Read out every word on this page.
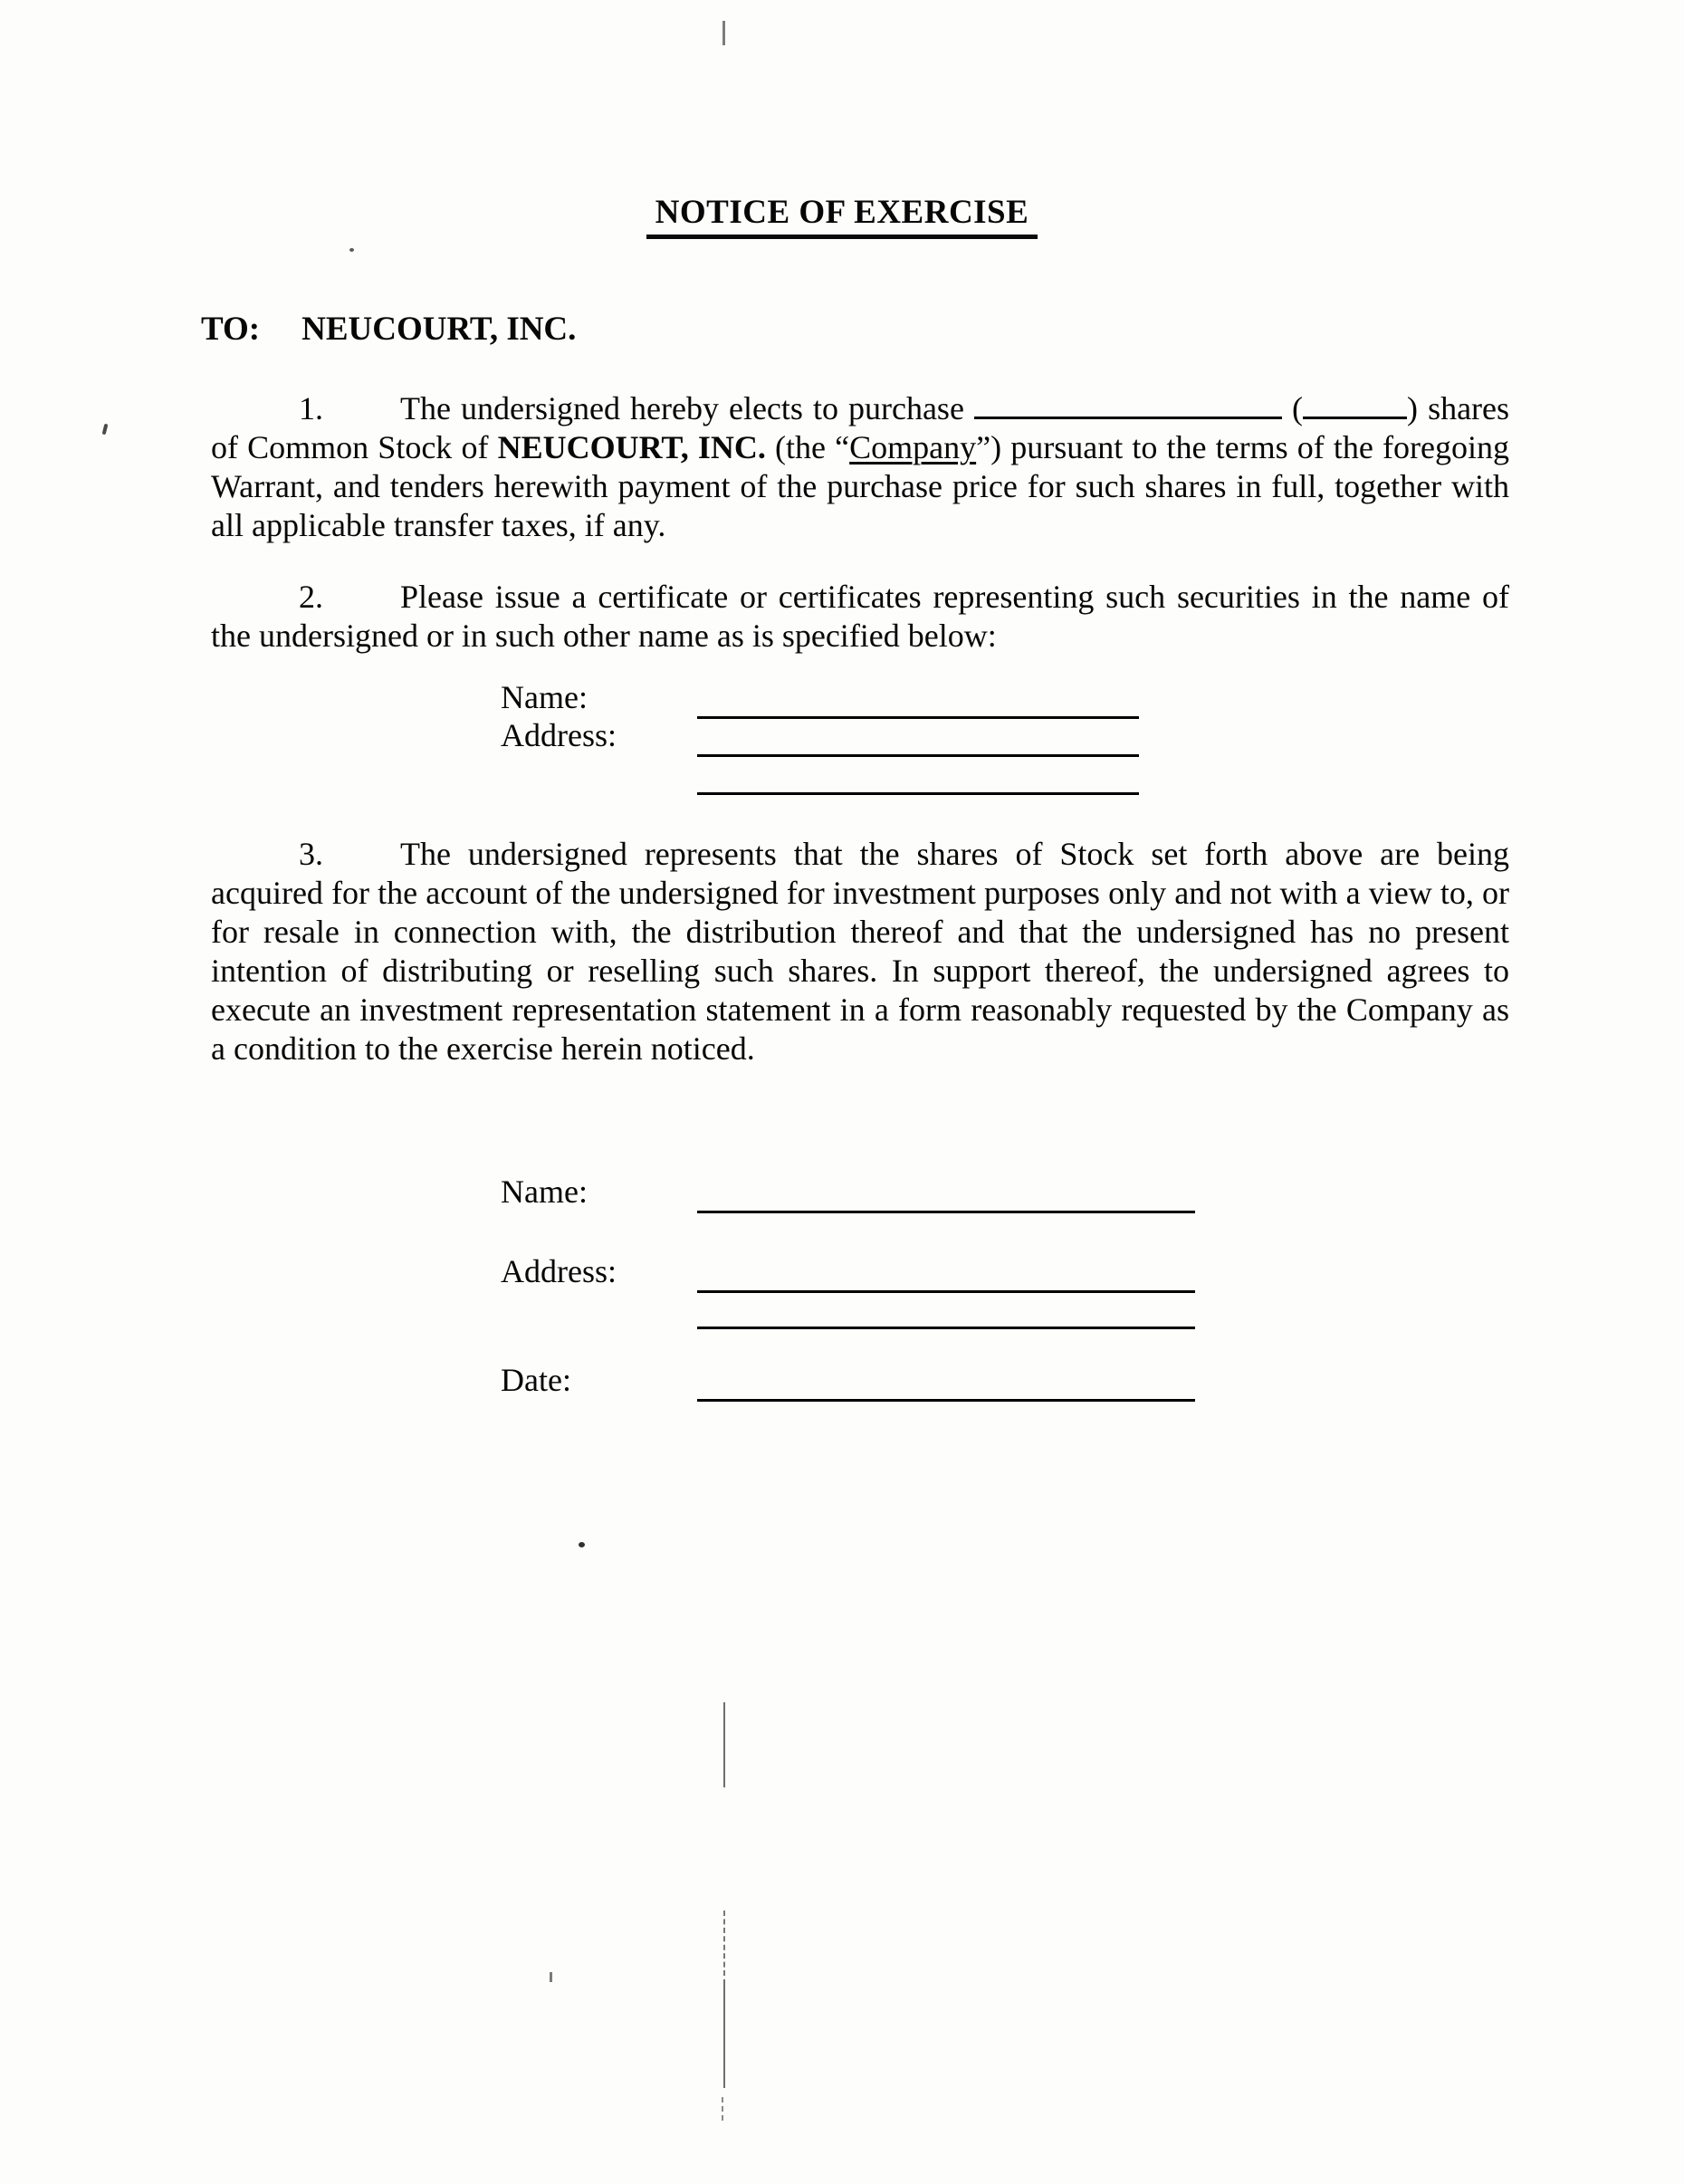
NOTICE OF EXERCISE
TO: NEUCOURT, INC.

1. The undersigned hereby elects to purchase	(	) shares of Common Stock of NEUCOURT, INC. (the “Company”) pursuant to the terms of the foregoing Warrant, and tenders herewith payment of the purchase price for such shares in full, together with all applicable transfer taxes, if any.

2. Please issue a certificate or certificates representing such securities in the name of the undersigned or in such other name as is specified below:

Name:
Address:

3. The undersigned represents that the shares of Stock set forth above are being acquired for the account of the undersigned for investment purposes only and not with a view to, or for resale in connection with, the distribution thereof and that the undersigned has no present intention of distributing or reselling such shares. In support thereof, the undersigned agrees to execute an investment representation statement in a form reasonably requested by the Company as a condition to the exercise herein noticed.

Name:
Address:
Date:
